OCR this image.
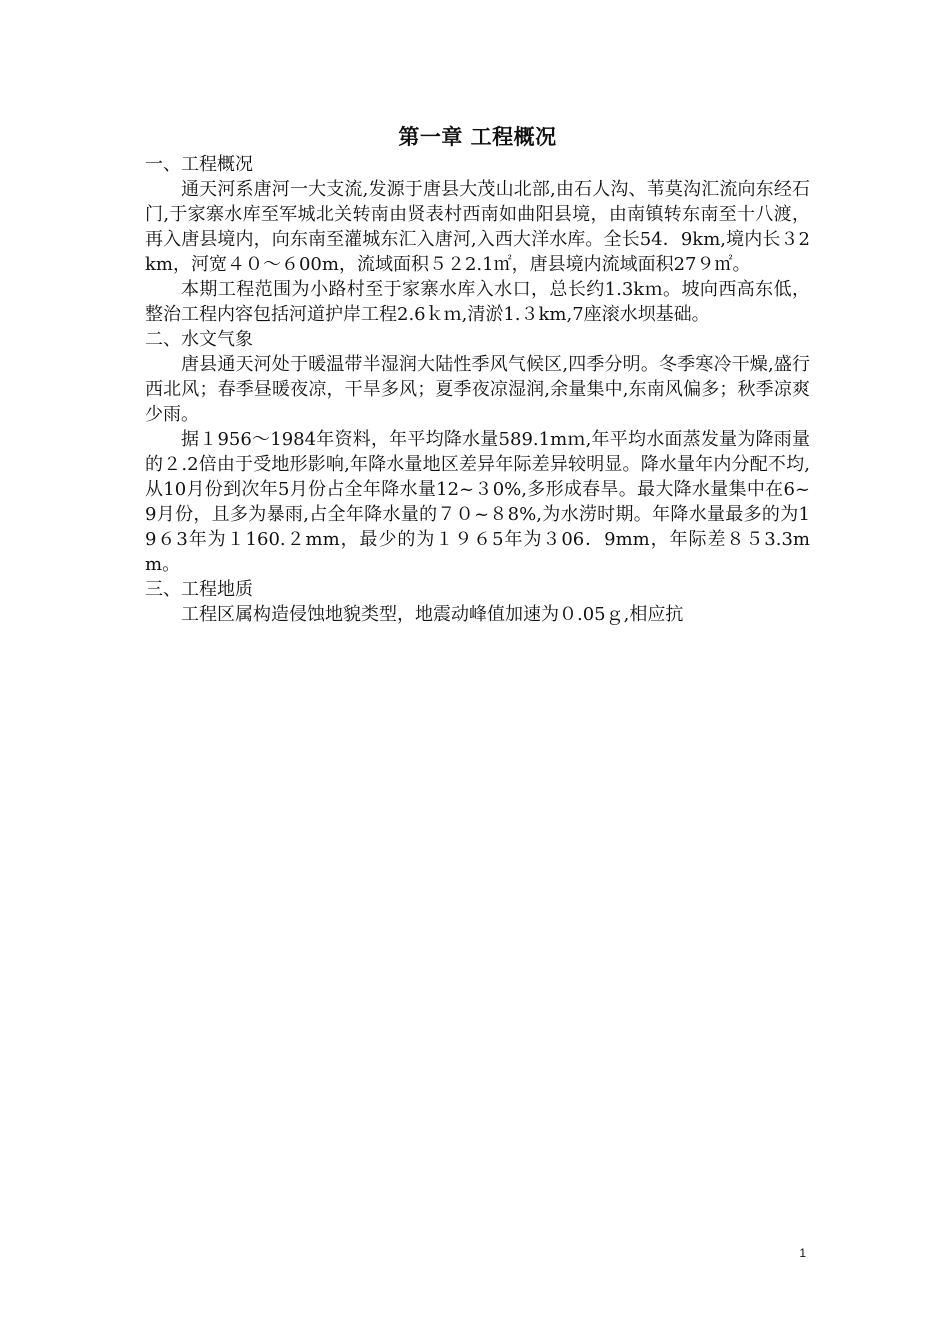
第一章 工程概况

一、工程概况

通天河系唐河一大支流,发源于唐县大茂山北部,由石人沟、苇莫沟汇流向东经石门,于家寨水库至军城北关转南由贤表村西南如曲阳县境，由南镇转东南至十八渡，再入唐县境内，向东南至灌城东汇入唐河,入西大洋水库。全长54．9km,境内长３2km，河宽４０～６00m，流域面积５２2.1㎡，唐县境内流域面积27９㎡。

本期工程范围为小路村至于家寨水库入水口，总长约1.3kｍ。坡向西高东低，整治工程内容包括河道护岸工程2.6ｋｍ,清淤1.３km,7座滚水坝基础。

二、水文气象

唐县通天河处于暖温带半湿润大陆性季风气候区,四季分明。冬季寒冷干燥,盛行西北风；春季昼暖夜凉，干旱多风；夏季夜凉湿润,余量集中,东南风偏多；秋季凉爽少雨。

据１956～1984年资料，年平均降水量589.1mｍ,年平均水面蒸发量为降雨量的２.2倍由于受地形影响,年降水量地区差异年际差异较明显。降水量年内分配不均,从10月份到次年5月份占全年降水量12~３0%,多形成春旱。最大降水量集中在6~9月份，且多为暴雨,占全年降水量的７０~８8%,为水涝时期。年降水量最多的为19６3年为１160.２mm，最少的为１９６5年为３06．9mm，年际差８５3.3mm。

三、工程地质

工程区属构造侵蚀地貌类型，地震动峰值加速为０.05ｇ,相应抗

1
